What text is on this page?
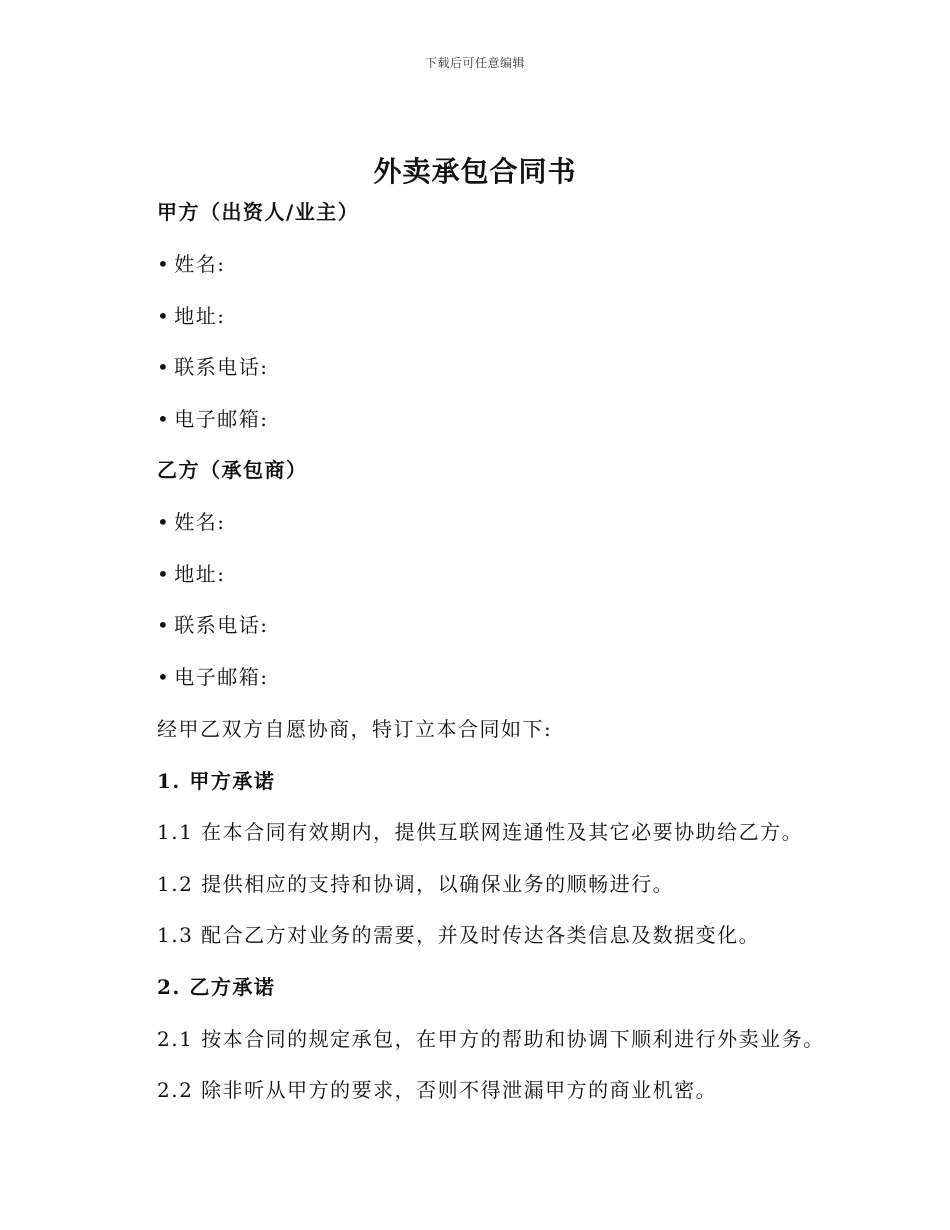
下载后可任意编辑
外卖承包合同书
甲方（出资人/业主）
• 姓名:
• 地址:
• 联系电话:
• 电子邮箱:
乙方（承包商）
• 姓名:
• 地址:
• 联系电话:
• 电子邮箱:
经甲乙双方自愿协商，特订立本合同如下:
1. 甲方承诺
1.1 在本合同有效期内，提供互联网连通性及其它必要协助给乙方。
1.2 提供相应的支持和协调，以确保业务的顺畅进行。
1.3 配合乙方对业务的需要，并及时传达各类信息及数据变化。
2. 乙方承诺
2.1 按本合同的规定承包，在甲方的帮助和协调下顺利进行外卖业务。
2.2 除非听从甲方的要求，否则不得泄漏甲方的商业机密。
